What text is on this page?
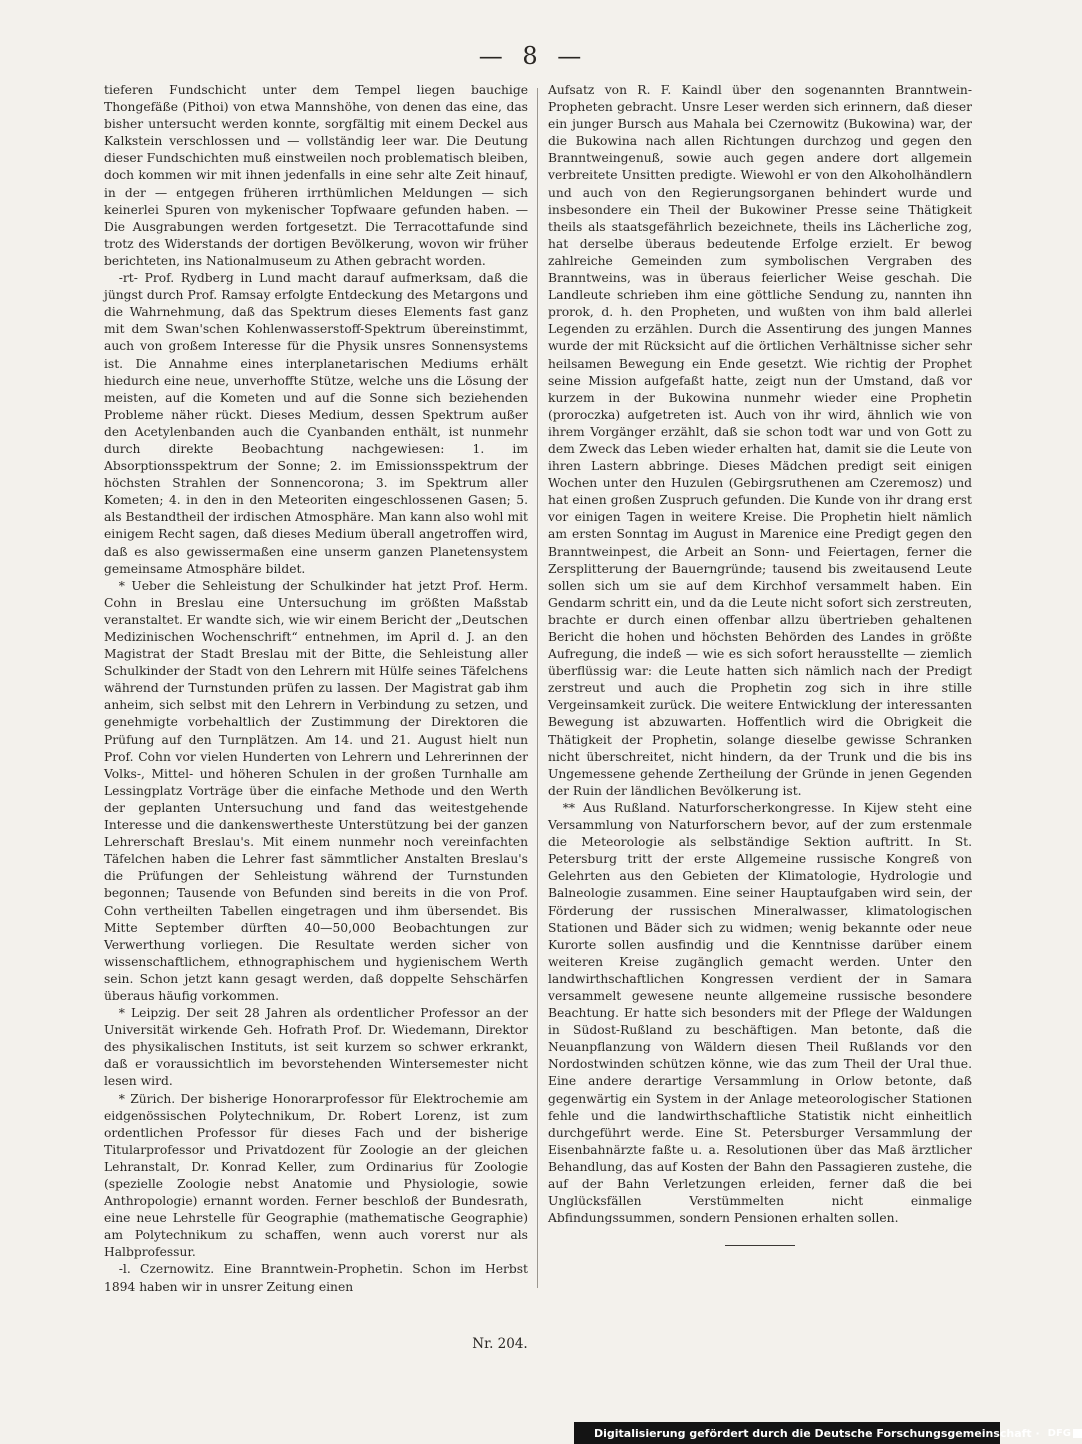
— 8 —

tieferen Fundschicht unter dem Tempel liegen bauchige Thongefäße (Pithoi) von etwa Mannshöhe, von denen das eine, das bisher untersucht werden konnte, sorgfältig mit einem Deckel aus Kalkstein verschlossen und — vollständig leer war. Die Deutung dieser Fundschichten muß einstweilen noch problematisch bleiben, doch kommen wir mit ihnen jedenfalls in eine sehr alte Zeit hinauf, in der — entgegen früheren irrthümlichen Meldungen — sich keinerlei Spuren von mykenischer Topfwaare gefunden haben. — Die Ausgrabungen werden fortgesetzt. Die Terracottafunde sind trotz des Widerstands der dortigen Bevölkerung, wovon wir früher berichteten, ins Nationalmuseum zu Athen gebracht worden.

-rt- Prof. Rydberg in Lund macht darauf aufmerksam, daß die jüngst durch Prof. Ramsay erfolgte Entdeckung des Metargons und die Wahrnehmung, daß das Spektrum dieses Elements fast ganz mit dem Swan'schen Kohlenwasserstoff-Spektrum übereinstimmt, auch von großem Interesse für die Physik unsres Sonnensystems ist. Die Annahme eines interplanetarischen Mediums erhält hiedurch eine neue, unverhoffte Stütze, welche uns die Lösung der meisten, auf die Kometen und auf die Sonne sich beziehenden Probleme näher rückt. Dieses Medium, dessen Spektrum außer den Acetylenbanden auch die Cyanbanden enthält, ist nunmehr durch direkte Beobachtung nachgewiesen: 1. im Absorptionsspektrum der Sonne; 2. im Emissionsspektrum der höchsten Strahlen der Sonnencorona; 3. im Spektrum aller Kometen; 4. in den in den Meteoriten eingeschlossenen Gasen; 5. als Bestandtheil der irdischen Atmosphäre. Man kann also wohl mit einigem Recht sagen, daß dieses Medium überall angetroffen wird, daß es also gewissermaßen eine unserm ganzen Planetensystem gemeinsame Atmosphäre bildet.

* Ueber die Sehleistung der Schulkinder hat jetzt Prof. Herm. Cohn in Breslau eine Untersuchung im größten Maßstab veranstaltet. Er wandte sich, wie wir einem Bericht der „Deutschen Medizinischen Wochenschrift“ entnehmen, im April d. J. an den Magistrat der Stadt Breslau mit der Bitte, die Sehleistung aller Schulkinder der Stadt von den Lehrern mit Hülfe seines Täfelchens während der Turnstunden prüfen zu lassen. Der Magistrat gab ihm anheim, sich selbst mit den Lehrern in Verbindung zu setzen, und genehmigte vorbehaltlich der Zustimmung der Direktoren die Prüfung auf den Turnplätzen. Am 14. und 21. August hielt nun Prof. Cohn vor vielen Hunderten von Lehrern und Lehrerinnen der Volks-, Mittel- und höheren Schulen in der großen Turnhalle am Lessingplatz Vorträge über die einfache Methode und den Werth der geplanten Untersuchung und fand das weitestgehende Interesse und die dankenswertheste Unterstützung bei der ganzen Lehrerschaft Breslau's. Mit einem nunmehr noch vereinfachten Täfelchen haben die Lehrer fast sämmtlicher Anstalten Breslau's die Prüfungen der Sehleistung während der Turnstunden begonnen; Tausende von Befunden sind bereits in die von Prof. Cohn vertheilten Tabellen eingetragen und ihm übersendet. Bis Mitte September dürften 40—50,000 Beobachtungen zur Verwerthung vorliegen. Die Resultate werden sicher von wissenschaftlichem, ethnographischem und hygienischem Werth sein. Schon jetzt kann gesagt werden, daß doppelte Sehschärfen überaus häufig vorkommen.

* Leipzig. Der seit 28 Jahren als ordentlicher Professor an der Universität wirkende Geh. Hofrath Prof. Dr. Wiedemann, Direktor des physikalischen Instituts, ist seit kurzem so schwer erkrankt, daß er voraussichtlich im bevorstehenden Wintersemester nicht lesen wird.

* Zürich. Der bisherige Honorarprofessor für Elektrochemie am eidgenössischen Polytechnikum, Dr. Robert Lorenz, ist zum ordentlichen Professor für dieses Fach und der bisherige Titularprofessor und Privatdozent für Zoologie an der gleichen Lehranstalt, Dr. Konrad Keller, zum Ordinarius für Zoologie (spezielle Zoologie nebst Anatomie und Physiologie, sowie Anthropologie) ernannt worden. Ferner beschloß der Bundesrath, eine neue Lehrstelle für Geographie (mathematische Geographie) am Polytechnikum zu schaffen, wenn auch vorerst nur als Halbprofessur.

-l. Czernowitz. Eine Branntwein-Prophetin. Schon im Herbst 1894 haben wir in unsrer Zeitung einen

Aufsatz von R. F. Kaindl über den sogenannten Branntwein-Propheten gebracht. Unsre Leser werden sich erinnern, daß dieser ein junger Bursch aus Mahala bei Czernowitz (Bukowina) war, der die Bukowina nach allen Richtungen durchzog und gegen den Branntweingenuß, sowie auch gegen andere dort allgemein verbreitete Unsitten predigte. Wiewohl er von den Alkoholhändlern und auch von den Regierungsorganen behindert wurde und insbesondere ein Theil der Bukowiner Presse seine Thätigkeit theils als staatsgefährlich bezeichnete, theils ins Lächerliche zog, hat derselbe überaus bedeutende Erfolge erzielt. Er bewog zahlreiche Gemeinden zum symbolischen Vergraben des Branntweins, was in überaus feierlicher Weise geschah. Die Landleute schrieben ihm eine göttliche Sendung zu, nannten ihn prorok, d. h. den Propheten, und wußten von ihm bald allerlei Legenden zu erzählen. Durch die Assentirung des jungen Mannes wurde der mit Rücksicht auf die örtlichen Verhältnisse sicher sehr heilsamen Bewegung ein Ende gesetzt. Wie richtig der Prophet seine Mission aufgefaßt hatte, zeigt nun der Umstand, daß vor kurzem in der Bukowina nunmehr wieder eine Prophetin (proroczka) aufgetreten ist. Auch von ihr wird, ähnlich wie von ihrem Vorgänger erzählt, daß sie schon todt war und von Gott zu dem Zweck das Leben wieder erhalten hat, damit sie die Leute von ihren Lastern abbringe. Dieses Mädchen predigt seit einigen Wochen unter den Huzulen (Gebirgsruthenen am Czeremosz) und hat einen großen Zuspruch gefunden. Die Kunde von ihr drang erst vor einigen Tagen in weitere Kreise. Die Prophetin hielt nämlich am ersten Sonntag im August in Marenice eine Predigt gegen den Branntweinpest, die Arbeit an Sonn- und Feiertagen, ferner die Zersplitterung der Bauerngründe; tausend bis zweitausend Leute sollen sich um sie auf dem Kirchhof versammelt haben. Ein Gendarm schritt ein, und da die Leute nicht sofort sich zerstreuten, brachte er durch einen offenbar allzu übertrieben gehaltenen Bericht die hohen und höchsten Behörden des Landes in größte Aufregung, die indeß — wie es sich sofort herausstellte — ziemlich überflüssig war: die Leute hatten sich nämlich nach der Predigt zerstreut und auch die Prophetin zog sich in ihre stille Vergeinsamkeit zurück. Die weitere Entwicklung der interessanten Bewegung ist abzuwarten. Hoffentlich wird die Obrigkeit die Thätigkeit der Prophetin, solange dieselbe gewisse Schranken nicht überschreitet, nicht hindern, da der Trunk und die bis ins Ungemessene gehende Zertheilung der Gründe in jenen Gegenden der Ruin der ländlichen Bevölkerung ist.

** Aus Rußland. Naturforscherkongresse. In Kijew steht eine Versammlung von Naturforschern bevor, auf der zum erstenmale die Meteorologie als selbständige Sektion auftritt. In St. Petersburg tritt der erste Allgemeine russische Kongreß von Gelehrten aus den Gebieten der Klimatologie, Hydrologie und Balneologie zusammen. Eine seiner Hauptaufgaben wird sein, der Förderung der russischen Mineralwasser, klimatologischen Stationen und Bäder sich zu widmen; wenig bekannte oder neue Kurorte sollen ausfindig und die Kenntnisse darüber einem weiteren Kreise zugänglich gemacht werden. Unter den landwirthschaftlichen Kongressen verdient der in Samara versammelt gewesene neunte allgemeine russische besondere Beachtung. Er hatte sich besonders mit der Pflege der Waldungen in Südost-Rußland zu beschäftigen. Man betonte, daß die Neuanpflanzung von Wäldern diesen Theil Rußlands vor den Nordostwinden schützen könne, wie das zum Theil der Ural thue. Eine andere derartige Versammlung in Orlow betonte, daß gegenwärtig ein System in der Anlage meteorologischer Stationen fehle und die landwirthschaftliche Statistik nicht einheitlich durchgeführt werde. Eine St. Petersburger Versammlung der Eisenbahnärzte faßte u. a. Resolutionen über das Maß ärztlicher Behandlung, das auf Kosten der Bahn den Passagieren zustehe, die auf der Bahn Verletzungen erleiden, ferner daß die bei Unglücksfällen Verstümmelten nicht einmalige Abfindungssummen, sondern Pensionen erhalten sollen.

Nr. 204.
Digitalisierung gefördert durch die Deutsche Forschungsgemeinschaft · DFG
